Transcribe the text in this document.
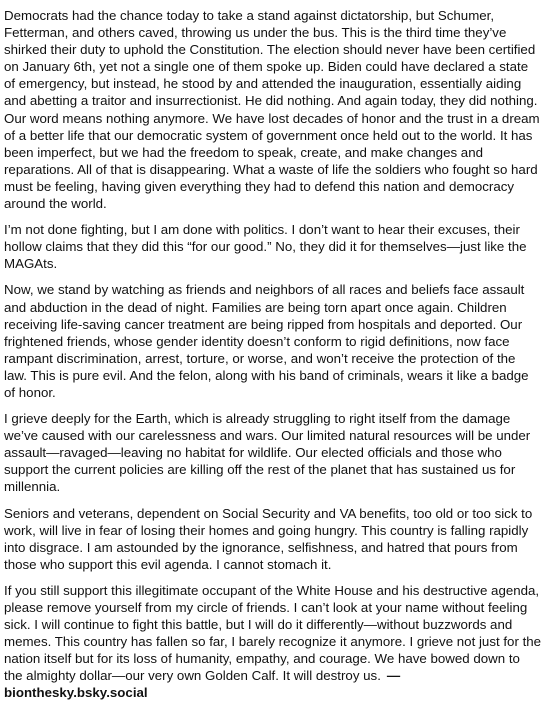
Democrats had the chance today to take a stand against dictatorship, but Schumer, Fetterman, and others caved, throwing us under the bus. This is the third time they’ve shirked their duty to uphold the Constitution. The election should never have been certified on January 6th, yet not a single one of them spoke up. Biden could have declared a state of emergency, but instead, he stood by and attended the inauguration, essentially aiding and abetting a traitor and insurrectionist. He did nothing. And again today, they did nothing. Our word means nothing anymore. We have lost decades of honor and the trust in a dream of a better life that our democratic system of government once held out to the world. It has been imperfect, but we had the freedom to speak, create, and make changes and reparations. All of that is disappearing. What a waste of life the soldiers who fought so hard must be feeling, having given everything they had to defend this nation and democracy around the world.

I’m not done fighting, but I am done with politics. I don’t want to hear their excuses, their hollow claims that they did this “for our good.” No, they did it for themselves—just like the MAGAts.

Now, we stand by watching as friends and neighbors of all races and beliefs face assault and abduction in the dead of night. Families are being torn apart once again. Children receiving life-saving cancer treatment are being ripped from hospitals and deported. Our frightened friends, whose gender identity doesn’t conform to rigid definitions, now face rampant discrimination, arrest, torture, or worse, and won’t receive the protection of the law. This is pure evil. And the felon, along with his band of criminals, wears it like a badge of honor.

I grieve deeply for the Earth, which is already struggling to right itself from the damage we’ve caused with our carelessness and wars. Our limited natural resources will be under assault—ravaged—leaving no habitat for wildlife. Our elected officials and those who support the current policies are killing off the rest of the planet that has sustained us for millennia.

Seniors and veterans, dependent on Social Security and VA benefits, too old or too sick to work, will live in fear of losing their homes and going hungry. This country is falling rapidly into disgrace. I am astounded by the ignorance, selfishness, and hatred that pours from those who support this evil agenda. I cannot stomach it.

If you still support this illegitimate occupant of the White House and his destructive agenda, please remove yourself from my circle of friends. I can’t look at your name without feeling sick. I will continue to fight this battle, but I will do it differently—without buzzwords and memes. This country has fallen so far, I barely recognize it anymore. I grieve not just for the nation itself but for its loss of humanity, empathy, and courage. We have bowed down to the almighty dollar—our very own Golden Calf. It will destroy us. —bionthesky.bsky.social
